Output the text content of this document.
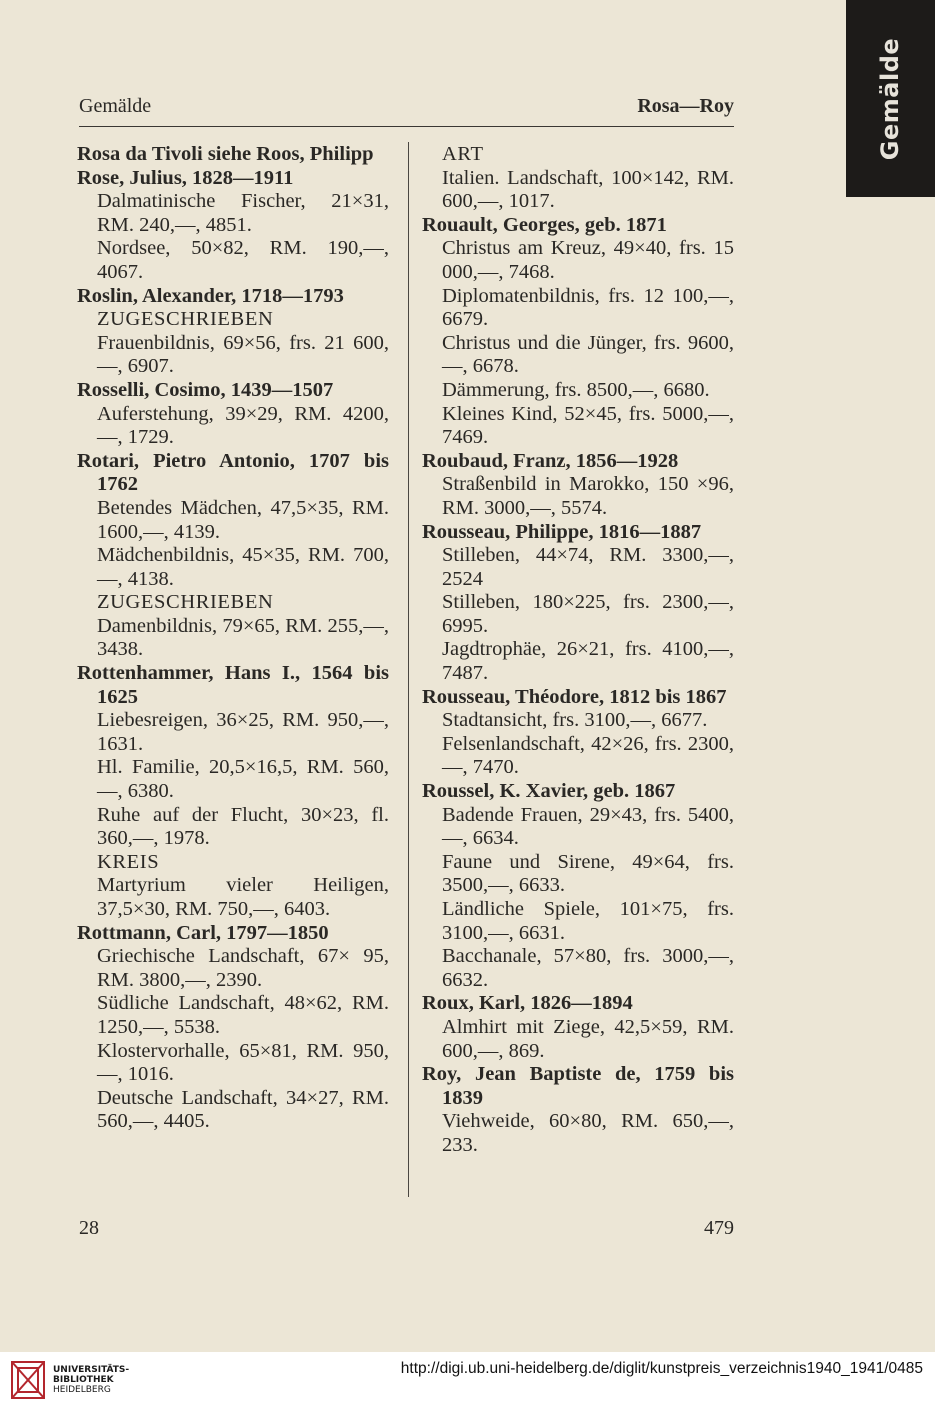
Gemälde
Gemälde	Rosa—Roy
Rosa da Tivoli siehe Roos, Philipp
Rose, Julius, 1828—1911
Dalmatinische Fischer, 21×31, RM. 240,—, 4851.
Nordsee, 50×82, RM. 190,—, 4067.
Roslin, Alexander, 1718—1793
ZUGESCHRIEBEN
Frauenbildnis, 69×56, frs. 21 600,—, 6907.
Rosselli, Cosimo, 1439—1507
Auferstehung, 39×29, RM. 4200,—, 1729.
Rotari, Pietro Antonio, 1707 bis 1762
Betendes Mädchen, 47,5×35, RM. 1600,—, 4139.
Mädchenbildnis, 45×35, RM. 700,—, 4138.
ZUGESCHRIEBEN
Damenbildnis, 79×65, RM. 255,—, 3438.
Rottenhammer, Hans I., 1564 bis 1625
Liebesreigen, 36×25, RM. 950,—, 1631.
Hl. Familie, 20,5×16,5, RM. 560,—, 6380.
Ruhe auf der Flucht, 30×23, fl. 360,—, 1978.
KREIS
Martyrium vieler Heiligen, 37,5×30, RM. 750,—, 6403.
Rottmann, Carl, 1797—1850
Griechische Landschaft, 67× 95, RM. 3800,—, 2390.
Südliche Landschaft, 48×62, RM. 1250,—, 5538.
Klostervorhalle, 65×81, RM. 950,—, 1016.
Deutsche Landschaft, 34×27, RM. 560,—, 4405.
ART
Italien. Landschaft, 100×142, RM. 600,—, 1017.
Rouault, Georges, geb. 1871
Christus am Kreuz, 49×40, frs. 15 000,—, 7468.
Diplomatenbildnis, frs. 12 100,—, 6679.
Christus und die Jünger, frs. 9600,—, 6678.
Dämmerung, frs. 8500,—, 6680.
Kleines Kind, 52×45, frs. 5000,—, 7469.
Roubaud, Franz, 1856—1928
Straßenbild in Marokko, 150 ×96, RM. 3000,—, 5574.
Rousseau, Philippe, 1816—1887
Stilleben, 44×74, RM. 3300,—, 2524
Stilleben, 180×225, frs. 2300,—, 6995.
Jagdtrophäe, 26×21, frs. 4100,—, 7487.
Rousseau, Théodore, 1812 bis 1867
Stadtansicht, frs. 3100,—, 6677.
Felsenlandschaft, 42×26, frs. 2300,—, 7470.
Roussel, K. Xavier, geb. 1867
Badende Frauen, 29×43, frs. 5400,—, 6634.
Faune und Sirene, 49×64, frs. 3500,—, 6633.
Ländliche Spiele, 101×75, frs. 3100,—, 6631.
Bacchanale, 57×80, frs. 3000,—, 6632.
Roux, Karl, 1826—1894
Almhirt mit Ziege, 42,5×59, RM. 600,—, 869.
Roy, Jean Baptiste de, 1759 bis 1839
Viehweide, 60×80, RM. 650,—, 233.
28	479
UNIVERSITÄTS-
BIBLIOTHEK
HEIDELBERG
http://digi.ub.uni-heidelberg.de/diglit/kunstpreis_verzeichnis1940_1941/0485
